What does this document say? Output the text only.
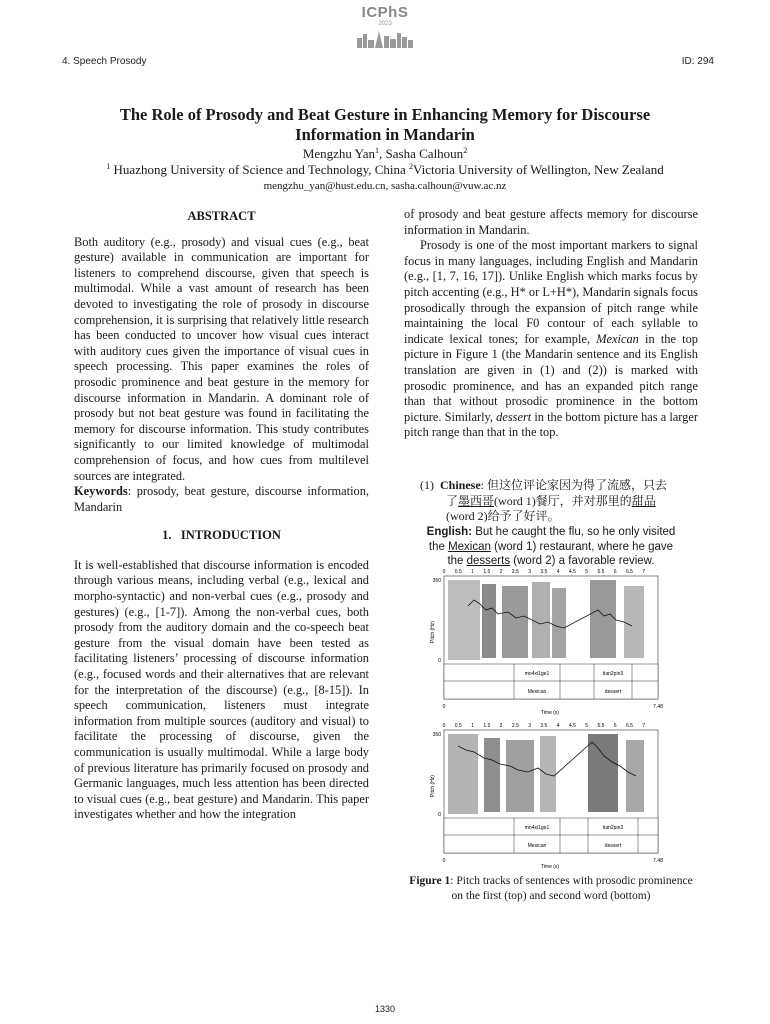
ICPhS
2023
4. Speech Prosody	ID: 294
The Role of Prosody and Beat Gesture in Enhancing Memory for Discourse
Information in Mandarin
Mengzhu Yan$^1$, Sasha Calhoun$^2$
$^1$ Huazhong University of Science and Technology, China $^2$Victoria University of Wellington, New Zealand
mengzhu_yan@hust.edu.cn, sasha.calhoun@vuw.ac.nz

ABSTRACT

Both auditory (e.g., prosody) and visual cues (e.g., beat gesture) available in communication are important for listeners to comprehend discourse, given that speech is multimodal. While a vast amount of research has been devoted to investigating the role of prosody in discourse comprehension, it is surprising that relatively little research has been conducted to uncover how visual cues interact with auditory cues given the importance of visual cues in speech processing. This paper examines the roles of prosodic prominence and beat gesture in the memory for discourse information in Mandarin. A dominant role of prosody but not beat gesture was found in facilitating the memory for discourse information. This study contributes significantly to our limited knowledge of multimodal comprehension of focus, and how cues from multilevel sources are integrated.

Keywords: prosody, beat gesture, discourse information, Mandarin

1.   INTRODUCTION

It is well-established that discourse information is encoded through various means, including verbal (e.g., lexical and morpho-syntactic) and non-verbal cues (e.g., prosody and gestures) (e.g., [1-7]). Among the non-verbal cues, both prosody from the auditory domain and the co-speech beat gesture from the visual domain have been tested as facilitating listeners’ processing of discourse information (e.g., focused words and their alternatives that are relevant for the interpretation of the discourse) (e.g., [8-15]). In speech communication, listeners must integrate information from multiple sources (auditory and visual) to facilitate the processing of discourse, given the communication is usually multimodal. While a large body of previous literature has primarily focused on prosody and Germanic languages, much less attention has been directed to visual cues (e.g., beat gesture) and Mandarin. This paper investigates whether and how the integration

of prosody and beat gesture affects memory for discourse information in Mandarin.

Prosody is one of the most important markers to signal focus in many languages, including English and Mandarin (e.g., [1, 7, 16, 17]). Unlike English which marks focus by pitch accenting (e.g., H* or L+H*), Mandarin signals focus prosodically through the expansion of pitch range while maintaining the local F0 contour of each syllable to indicate lexical tones; for example, Mexican in the top picture in Figure 1 (the Mandarin sentence and its English translation are given in (1) and (2)) is marked with prosodic prominence, and has an expanded pitch range than that without prosodic prominence in the bottom picture. Similarly, dessert in the bottom picture has a larger pitch range than that in the top.

(1) Chinese: 但这位评论家因为得了流感，只去
了墨西哥(word 1)餐厅，并对那里的甜品
(word 2)给予了好评。
English: But he caught the flu, so he only visited
the Mexican (word 1) restaurant, where he gave
the desserts (word 2) a favorable review.
0 0.5 1 1.5 2 2.5 3 3.5 4 4.5 5 5.5 6 6.5 7
mo4xi1ge1	tian2pin3
Mexican	dessert
350
0
Pitch (Hz)
0
Time (s)
7.48
0 0.5 1 1.5 2 2.5 3 3.5 4 4.5 5 5.5 6 6.5 7
mo4xi1ge1	tian2pin3
Mexican	dessert
350
0
Pitch (Hz)
0
Time (s)
7.48
Figure 1: Pitch tracks of sentences with prosodic prominence on the first (top) and second word (bottom)
1330
